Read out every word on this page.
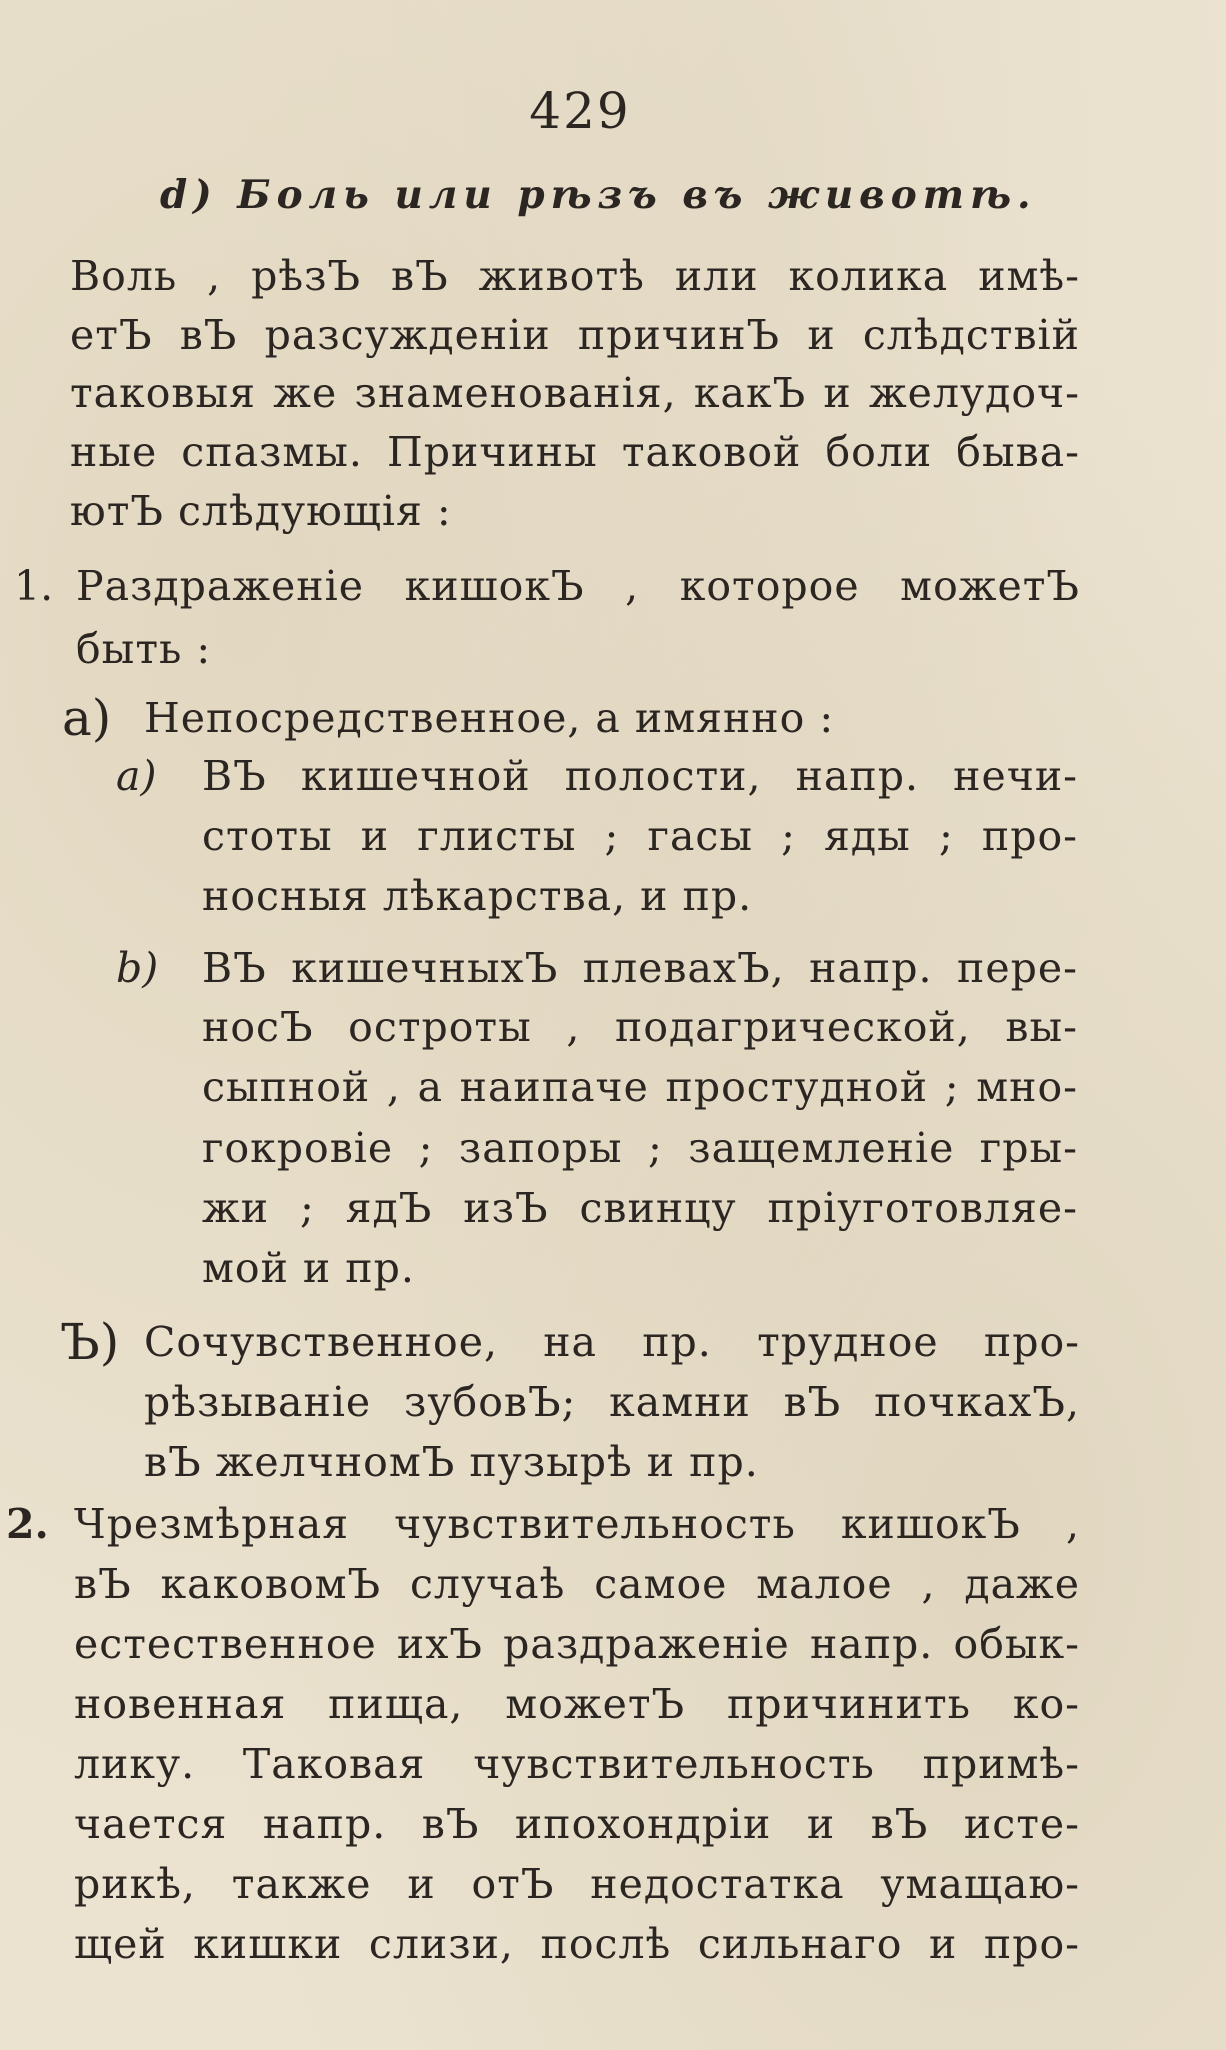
429
d) Боль или рѣзъ въ животѣ.
Воль , рѣзЪ вЪ животѣ или колика имѣ-
етЪ вЪ разсужденіи причинЪ и слѣдствій
таковыя же знаменованія, какЪ и желудоч-
ные спазмы. Причины таковой боли быва-
ютЪ слѣдующія :
1. Раздраженіе кишокЪ , которое можетЪ
быть :
a) Непосредственное, а имянно :
a) ВЪ кишечной полости, напр. нечи-
стоты и глисты ; гасы ; яды ; про-
носныя лѣкарства, и пр.
b) ВЪ кишечныхЪ плевахЪ, напр. пере-
носЪ остроты , подагрической, вы-
сыпной , а наипаче простудной ; мно-
гокровіе ; запоры ; защемленіе гры-
жи ; ядЪ изЪ свинцу пріуготовляе-
мой и пр.
Ъ) Сочувственное, на пр. трудное про-
рѣзываніе зубовЪ; камни вЪ почкахЪ,
вЪ желчномЪ пузырѣ и пр.
2. Чрезмѣрная чувствительность кишокЪ ,
вЪ каковомЪ случаѣ самое малое , даже
естественное ихЪ раздраженіе напр. обык-
новенная пища, можетЪ причинить ко-
лику. Таковая чувствительность примѣ-
чается напр. вЪ ипохондріи и вЪ исте-
рикѣ, также и отЪ недостатка умащаю-
щей кишки слизи, послѣ сильнаго и про-
